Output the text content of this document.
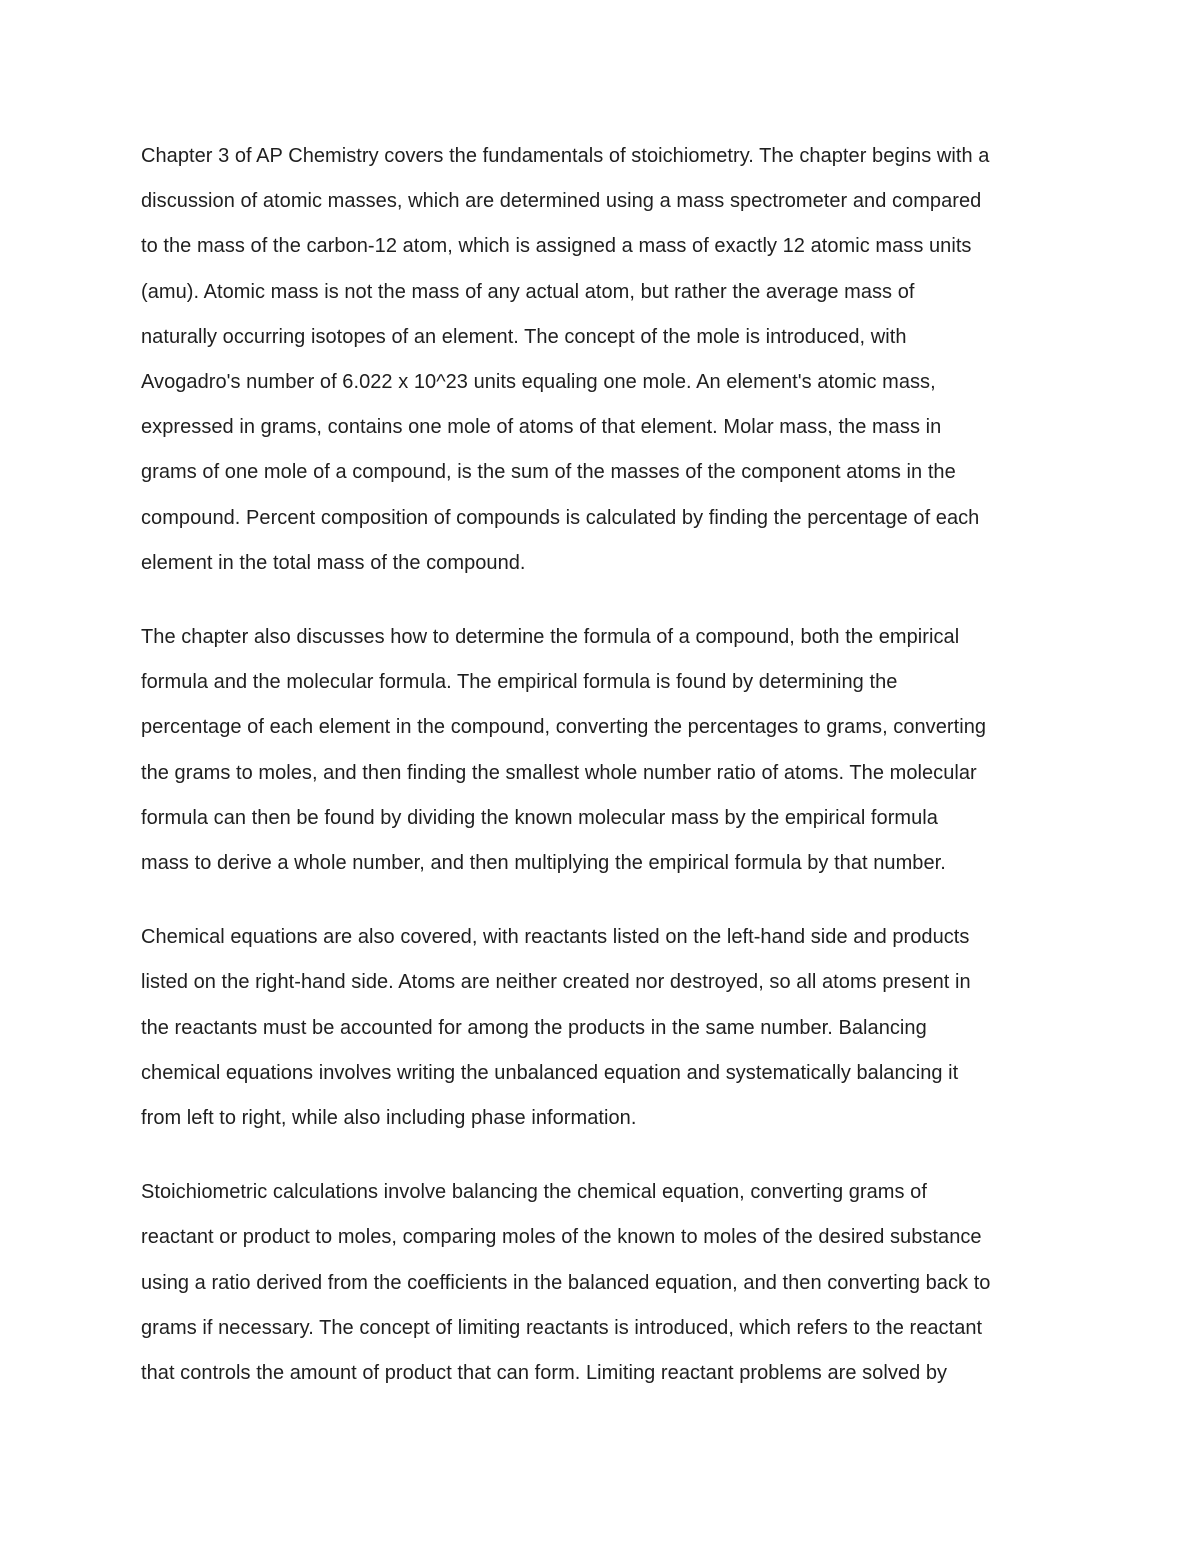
Chapter 3 of AP Chemistry covers the fundamentals of stoichiometry. The chapter begins with a
discussion of atomic masses, which are determined using a mass spectrometer and compared
to the mass of the carbon-12 atom, which is assigned a mass of exactly 12 atomic mass units
(amu). Atomic mass is not the mass of any actual atom, but rather the average mass of
naturally occurring isotopes of an element. The concept of the mole is introduced, with
Avogadro's number of 6.022 x 10^23 units equaling one mole. An element's atomic mass,
expressed in grams, contains one mole of atoms of that element. Molar mass, the mass in
grams of one mole of a compound, is the sum of the masses of the component atoms in the
compound. Percent composition of compounds is calculated by finding the percentage of each
element in the total mass of the compound.

The chapter also discusses how to determine the formula of a compound, both the empirical
formula and the molecular formula. The empirical formula is found by determining the
percentage of each element in the compound, converting the percentages to grams, converting
the grams to moles, and then finding the smallest whole number ratio of atoms. The molecular
formula can then be found by dividing the known molecular mass by the empirical formula
mass to derive a whole number, and then multiplying the empirical formula by that number.

Chemical equations are also covered, with reactants listed on the left-hand side and products
listed on the right-hand side. Atoms are neither created nor destroyed, so all atoms present in
the reactants must be accounted for among the products in the same number. Balancing
chemical equations involves writing the unbalanced equation and systematically balancing it
from left to right, while also including phase information.

Stoichiometric calculations involve balancing the chemical equation, converting grams of
reactant or product to moles, comparing moles of the known to moles of the desired substance
using a ratio derived from the coefficients in the balanced equation, and then converting back to
grams if necessary. The concept of limiting reactants is introduced, which refers to the reactant
that controls the amount of product that can form. Limiting reactant problems are solved by
